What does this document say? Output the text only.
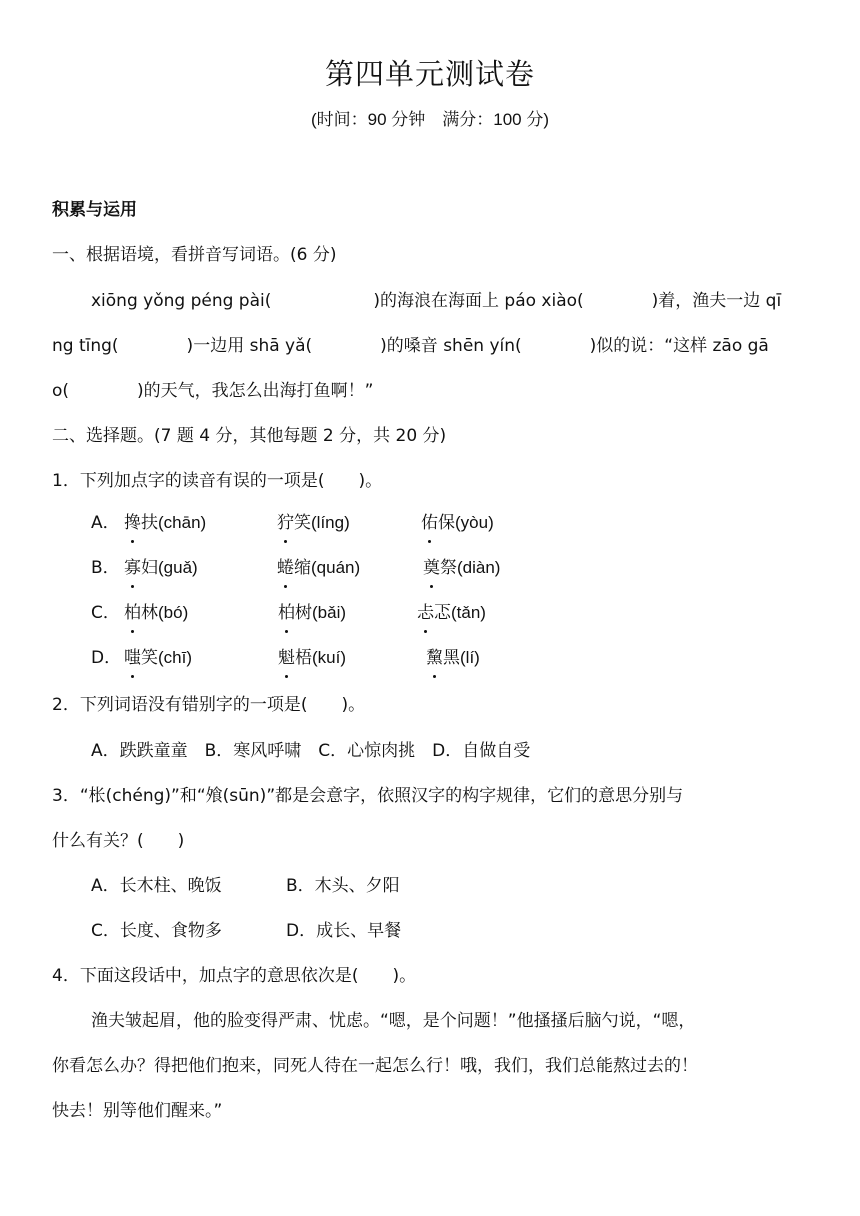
第四单元测试卷
(时间：90 分钟　满分：100 分)
积累与运用
一、根据语境，看拼音写词语。(6 分)
xiōng yǒng péng pài(　　　　　　)的海浪在海面上 páo xiào(　　　　)着，渔夫一边 qī
ng tīng(　　　　)一边用 shā yǎ(　　　　)的嗓音 shēn yín(　　　　)似的说：“这样 zāo gā
o(　　　　)的天气，我怎么出海打鱼啊！”
二、选择题。(7 题 4 分，其他每题 2 分，共 20 分)
1．下列加点字的读音有误的一项是(　　)。
A． 搀扶(chān)	狞笑(líng)	佑保(yòu)
B． 寡妇(guǎ)	蜷缩(quán)	奠祭(diàn)
C． 柏林(bó)	柏树(bǎi)	忐忑(tǎn)
D． 嗤笑(chī)	魁梧(kuí)	黧黑(lí)
2．下列词语没有错别字的一项是(　　)。
A．跌跌童童　B．寒风呼啸　C．心惊肉挑　D．自做自受
3．“枨(chéng)”和“飧(sūn)”都是会意字，依照汉字的构字规律，它们的意思分别与
什么有关？(　　)
A．长木柱、晚饭	B．木头、夕阳
C．长度、食物多	D．成长、早餐
4．下面这段话中，加点字的意思依次是(　　)。
渔夫皱起眉，他的脸变得严肃、忧虑。“嗯，是个问题！”他搔搔后脑勺说，“嗯，
你看怎么办？得把他们抱来，同死人待在一起怎么行！哦，我们，我们总能熬过去的！
快去！别等他们醒来。”
